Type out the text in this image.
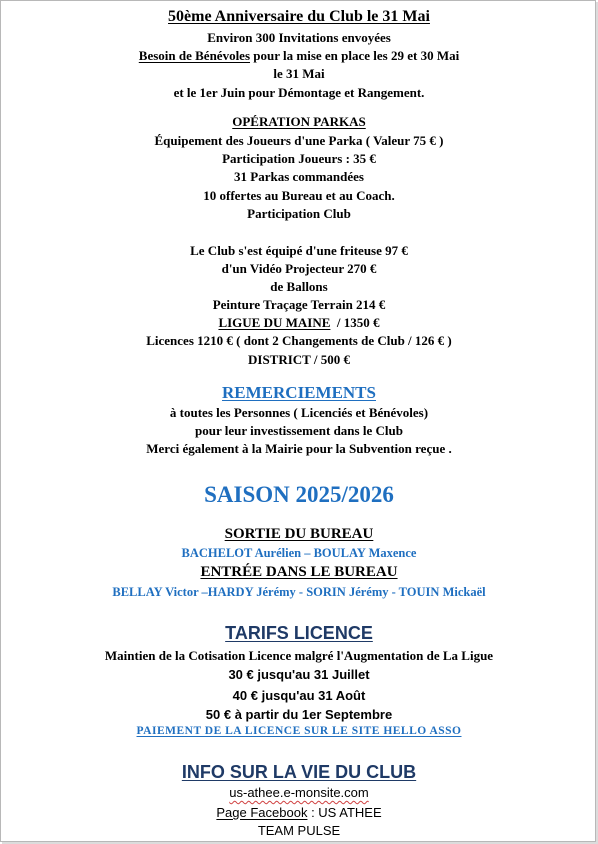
50ème Anniversaire du Club le 31 Mai
Environ 300 Invitations envoyées
Besoin de Bénévoles pour la mise en place les 29 et 30 Mai
le 31 Mai
et le 1er Juin pour Démontage et Rangement.
OPÉRATION PARKAS
Équipement des Joueurs d'une Parka ( Valeur 75 € )
Participation Joueurs : 35 €
31 Parkas commandées
10 offertes au Bureau et au Coach.
Participation Club
Le Club s'est équipé d'une friteuse 97 €
d'un Vidéo Projecteur 270 €
de Ballons
Peinture Traçage Terrain 214 €
LIGUE DU MAINE  / 1350 €
Licences 1210 € ( dont 2 Changements de Club / 126 € )
DISTRICT / 500 €
REMERCIEMENTS
à toutes les Personnes ( Licenciés et Bénévoles)
pour leur investissement dans le Club
Merci également à la Mairie pour la Subvention reçue .
SAISON 2025/2026
SORTIE DU BUREAU
BACHELOT Aurélien – BOULAY Maxence
ENTRÉE DANS LE BUREAU
BELLAY Victor –HARDY Jérémy - SORIN Jérémy - TOUIN Mickaël
TARIFS LICENCE
Maintien de la Cotisation Licence malgré l'Augmentation de La Ligue
30 € jusqu'au 31 Juillet
40 € jusqu'au 31 Août
50 € à partir du 1er Septembre
PAIEMENT DE LA LICENCE SUR LE SITE HELLO ASSO
INFO SUR LA VIE DU CLUB
us-athee.e-monsite.com
Page Facebook : US ATHEE
TEAM PULSE
